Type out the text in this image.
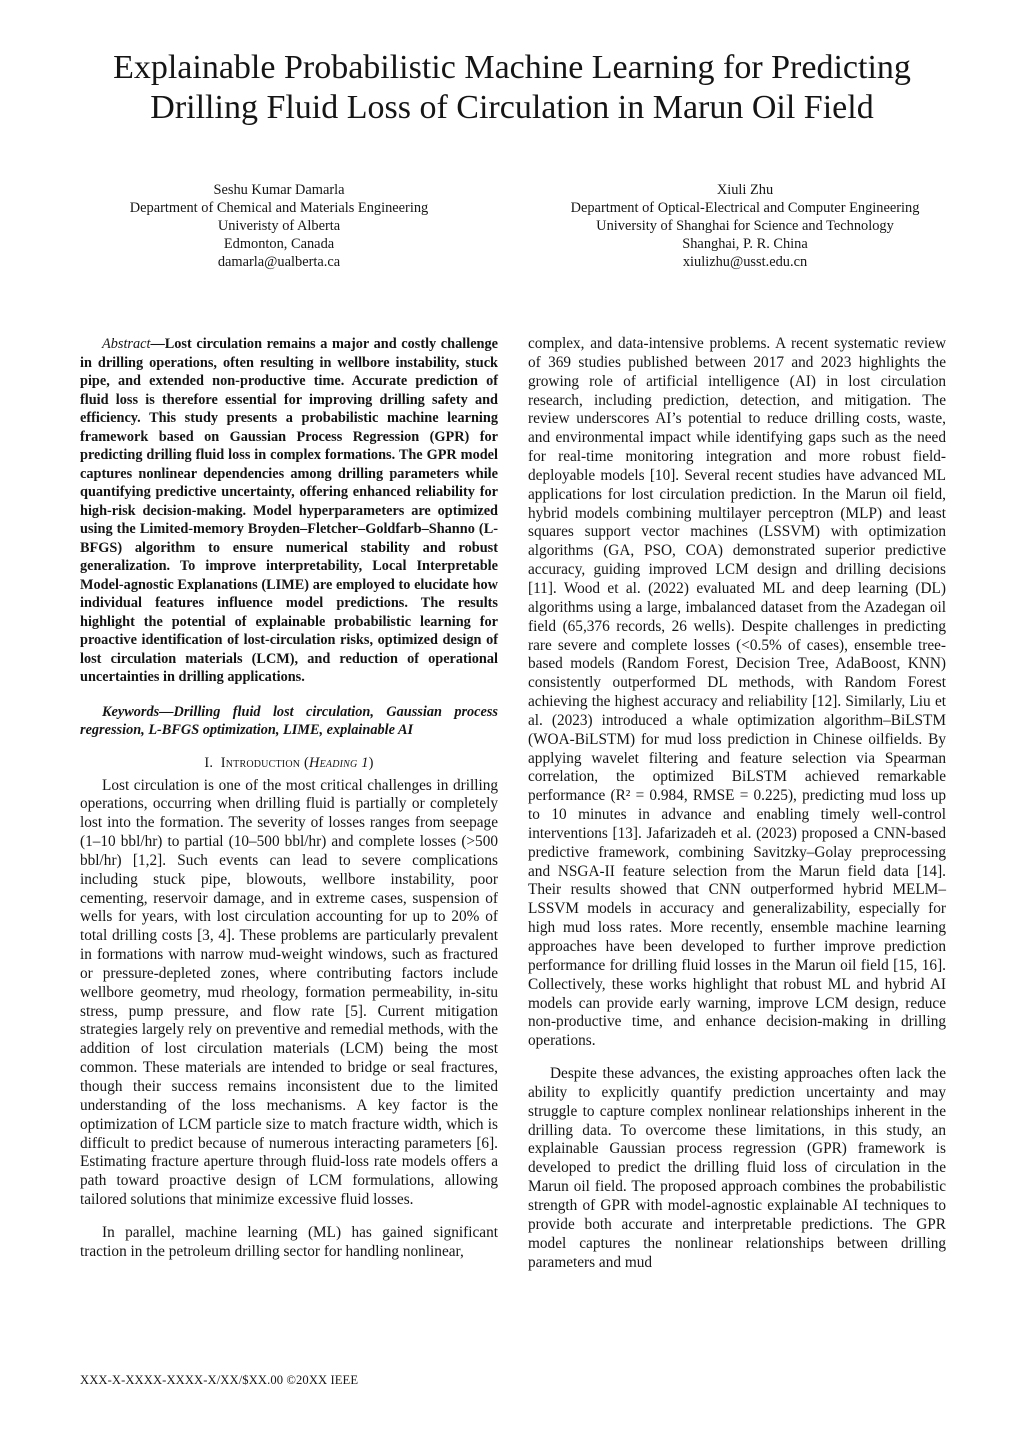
Explainable Probabilistic Machine Learning for Predicting
Drilling Fluid Loss of Circulation in Marun Oil Field
Seshu Kumar Damarla
Department of Chemical and Materials Engineering
Univeristy of Alberta
Edmonton, Canada
damarla@ualberta.ca
Xiuli Zhu
Department of Optical-Electrical and Computer Engineering
University of Shanghai for Science and Technology
Shanghai, P. R. China
xiulizhu@usst.edu.cn

Abstract—Lost circulation remains a major and costly challenge in drilling operations, often resulting in wellbore instability, stuck pipe, and extended non-productive time. Accurate prediction of fluid loss is therefore essential for improving drilling safety and efficiency. This study presents a probabilistic machine learning framework based on Gaussian Process Regression (GPR) for predicting drilling fluid loss in complex formations. The GPR model captures nonlinear dependencies among drilling parameters while quantifying predictive uncertainty, offering enhanced reliability for high-risk decision-making. Model hyperparameters are optimized using the Limited-memory Broyden–Fletcher–Goldfarb–Shanno (L-BFGS) algorithm to ensure numerical stability and robust generalization. To improve interpretability, Local Interpretable Model-agnostic Explanations (LIME) are employed to elucidate how individual features influence model predictions. The results highlight the potential of explainable probabilistic learning for proactive identification of lost-circulation risks, optimized design of lost circulation materials (LCM), and reduction of operational uncertainties in drilling applications.

Keywords—Drilling fluid lost circulation, Gaussian process regression, L-BFGS optimization, LIME, explainable AI

I. Introduction (Heading 1)

Lost circulation is one of the most critical challenges in drilling operations, occurring when drilling fluid is partially or completely lost into the formation. The severity of losses ranges from seepage (1–10 bbl/hr) to partial (10–500 bbl/hr) and complete losses (>500 bbl/hr) [1,2]. Such events can lead to severe complications including stuck pipe, blowouts, wellbore instability, poor cementing, reservoir damage, and in extreme cases, suspension of wells for years, with lost circulation accounting for up to 20% of total drilling costs [3, 4]. These problems are particularly prevalent in formations with narrow mud-weight windows, such as fractured or pressure-depleted zones, where contributing factors include wellbore geometry, mud rheology, formation permeability, in-situ stress, pump pressure, and flow rate [5]. Current mitigation strategies largely rely on preventive and remedial methods, with the addition of lost circulation materials (LCM) being the most common. These materials are intended to bridge or seal fractures, though their success remains inconsistent due to the limited understanding of the loss mechanisms. A key factor is the optimization of LCM particle size to match fracture width, which is difficult to predict because of numerous interacting parameters [6]. Estimating fracture aperture through fluid-loss rate models offers a path toward proactive design of LCM formulations, allowing tailored solutions that minimize excessive fluid losses.

In parallel, machine learning (ML) has gained significant traction in the petroleum drilling sector for handling nonlinear,

complex, and data-intensive problems. A recent systematic review of 369 studies published between 2017 and 2023 highlights the growing role of artificial intelligence (AI) in lost circulation research, including prediction, detection, and mitigation. The review underscores AI’s potential to reduce drilling costs, waste, and environmental impact while identifying gaps such as the need for real-time monitoring integration and more robust field-deployable models [10]. Several recent studies have advanced ML applications for lost circulation prediction. In the Marun oil field, hybrid models combining multilayer perceptron (MLP) and least squares support vector machines (LSSVM) with optimization algorithms (GA, PSO, COA) demonstrated superior predictive accuracy, guiding improved LCM design and drilling decisions [11]. Wood et al. (2022) evaluated ML and deep learning (DL) algorithms using a large, imbalanced dataset from the Azadegan oil field (65,376 records, 26 wells). Despite challenges in predicting rare severe and complete losses (<0.5% of cases), ensemble tree-based models (Random Forest, Decision Tree, AdaBoost, KNN) consistently outperformed DL methods, with Random Forest achieving the highest accuracy and reliability [12]. Similarly, Liu et al. (2023) introduced a whale optimization algorithm–BiLSTM (WOA-BiLSTM) for mud loss prediction in Chinese oilfields. By applying wavelet filtering and feature selection via Spearman correlation, the optimized BiLSTM achieved remarkable performance (R² = 0.984, RMSE = 0.225), predicting mud loss up to 10 minutes in advance and enabling timely well-control interventions [13]. Jafarizadeh et al. (2023) proposed a CNN-based predictive framework, combining Savitzky–Golay preprocessing and NSGA-II feature selection from the Marun field data [14]. Their results showed that CNN outperformed hybrid MELM–LSSVM models in accuracy and generalizability, especially for high mud loss rates. More recently, ensemble machine learning approaches have been developed to further improve prediction performance for drilling fluid losses in the Marun oil field [15, 16]. Collectively, these works highlight that robust ML and hybrid AI models can provide early warning, improve LCM design, reduce non-productive time, and enhance decision-making in drilling operations.

Despite these advances, the existing approaches often lack the ability to explicitly quantify prediction uncertainty and may struggle to capture complex nonlinear relationships inherent in the drilling data. To overcome these limitations, in this study, an explainable Gaussian process regression (GPR) framework is developed to predict the drilling fluid loss of circulation in the Marun oil field. The proposed approach combines the probabilistic strength of GPR with model-agnostic explainable AI techniques to provide both accurate and interpretable predictions. The GPR model captures the nonlinear relationships between drilling parameters and mud

XXX-X-XXXX-XXXX-X/XX/$XX.00 ©20XX IEEE
